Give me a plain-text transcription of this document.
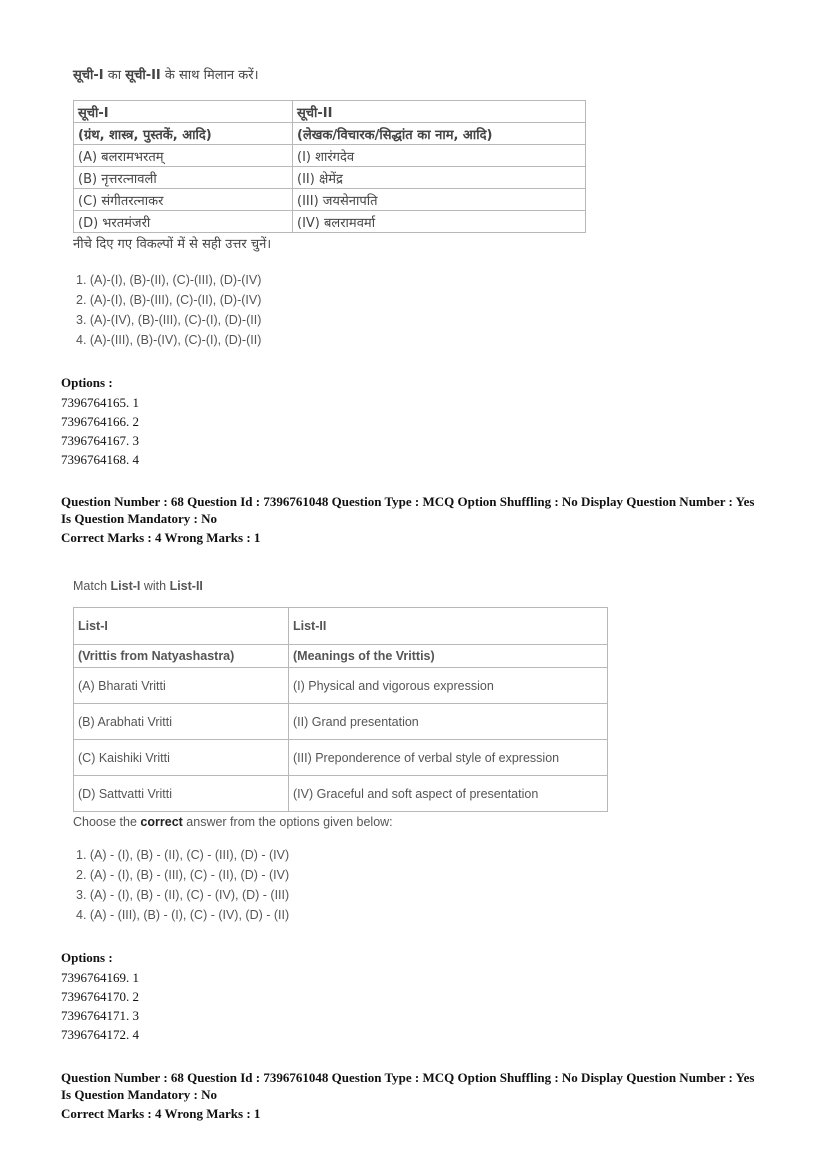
सूची-I का सूची-II के साथ मिलान करें।
सूची-I	सूची-II
(ग्रंथ, शास्त्र, पुस्तकें, आदि)	(लेखक/विचारक/सिद्धांत का नाम, आदि)
(A) बलरामभरतम्	(I) शारंगदेव
(B) नृत्तरत्नावली	(II) क्षेमेंद्र
(C) संगीतरत्नाकर	(III) जयसेनापति
(D) भरतमंजरी	(IV) बलरामवर्मा
नीचे दिए गए विकल्पों में से सही उत्तर चुनें।
1. (A)-(I), (B)-(II), (C)-(III), (D)-(IV)
2. (A)-(I), (B)-(III), (C)-(II), (D)-(IV)
3. (A)-(IV), (B)-(III), (C)-(I), (D)-(II)
4. (A)-(III), (B)-(IV), (C)-(I), (D)-(II)
Options :
7396764165. 1
7396764166. 2
7396764167. 3
7396764168. 4
Question Number : 68 Question Id : 7396761048 Question Type : MCQ Option Shuffling : No Display Question Number : Yes
Is Question Mandatory : No
Correct Marks : 4 Wrong Marks : 1
Match List-I with List-II
List-I	List-II
(Vrittis from Natyashastra)	(Meanings of the Vrittis)
(A) Bharati Vritti	(I) Physical and vigorous expression
(B) Arabhati Vritti	(II) Grand presentation
(C) Kaishiki Vritti	(III) Preponderence of verbal style of expression
(D) Sattvatti Vritti	(IV) Graceful and soft aspect of presentation
Choose the correct answer from the options given below:
1. (A) - (I), (B) - (II), (C) - (III), (D) - (IV)
2. (A) - (I), (B) - (III), (C) - (II), (D) - (IV)
3. (A) - (I), (B) - (II), (C) - (IV), (D) - (III)
4. (A) - (III), (B) - (I), (C) - (IV), (D) - (II)
Options :
7396764169. 1
7396764170. 2
7396764171. 3
7396764172. 4
Question Number : 68 Question Id : 7396761048 Question Type : MCQ Option Shuffling : No Display Question Number : Yes
Is Question Mandatory : No
Correct Marks : 4 Wrong Marks : 1
